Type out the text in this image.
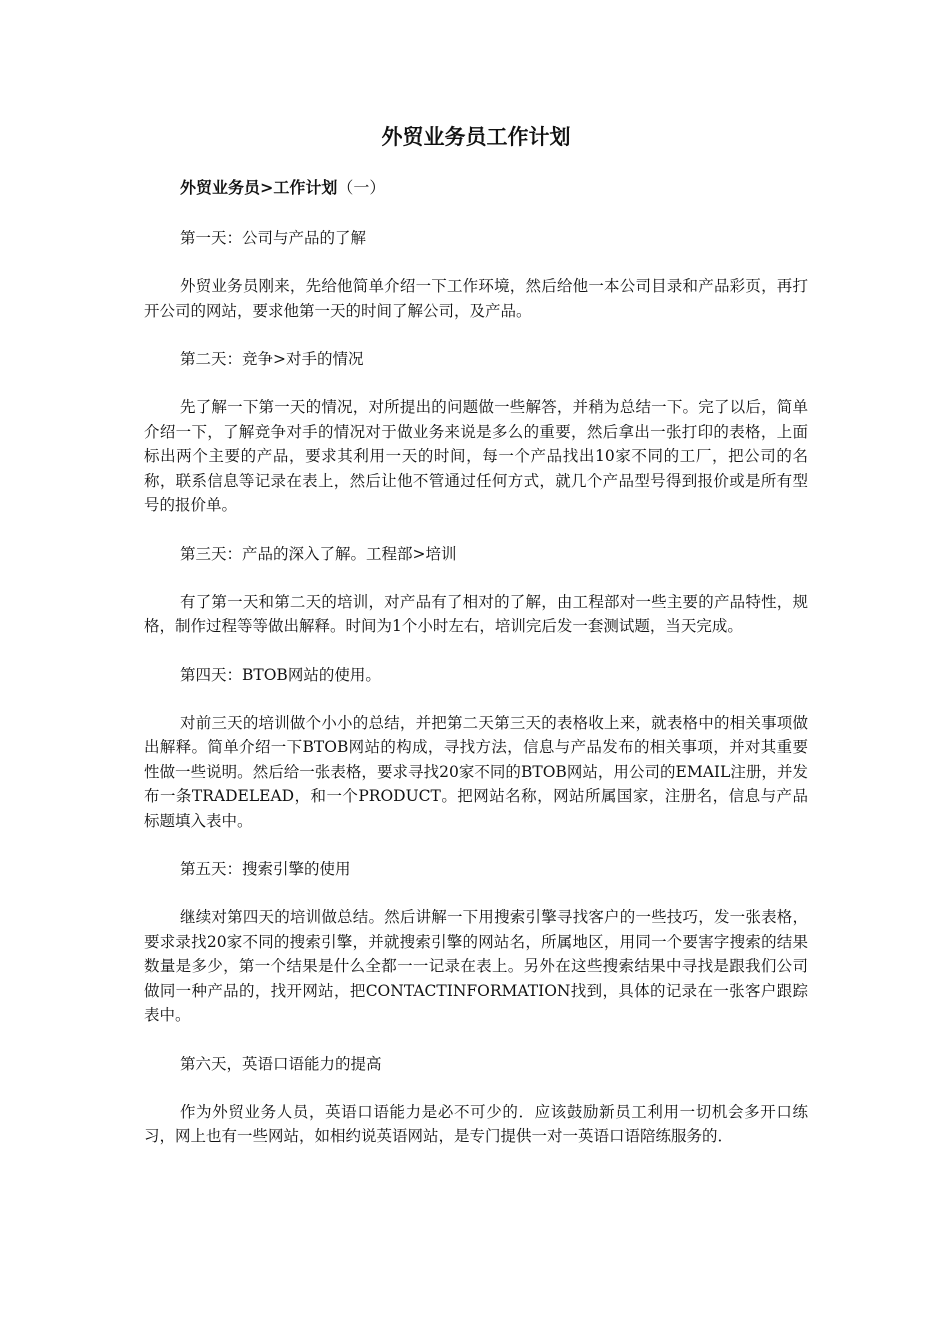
外贸业务员工作计划
外贸业务员>工作计划（一）

第一天：公司与产品的了解

外贸业务员刚来，先给他简单介绍一下工作环境，然后给他一本公司目录和产品彩页，再打开公司的网站，要求他第一天的时间了解公司，及产品。

第二天：竞争>对手的情况

先了解一下第一天的情况，对所提出的问题做一些解答，并稍为总结一下。完了以后，简单介绍一下，了解竞争对手的情况对于做业务来说是多么的重要，然后拿出一张打印的表格，上面标出两个主要的产品，要求其利用一天的时间，每一个产品找出10家不同的工厂，把公司的名称，联系信息等记录在表上，然后让他不管通过任何方式，就几个产品型号得到报价或是所有型号的报价单。

第三天：产品的深入了解。工程部>培训

有了第一天和第二天的培训，对产品有了相对的了解，由工程部对一些主要的产品特性，规格，制作过程等等做出解释。时间为1个小时左右，培训完后发一套测试题，当天完成。

第四天：BTOB网站的使用。

对前三天的培训做个小小的总结，并把第二天第三天的表格收上来，就表格中的相关事项做出解释。简单介绍一下BTOB网站的构成，寻找方法，信息与产品发布的相关事项，并对其重要性做一些说明。然后给一张表格，要求寻找20家不同的BTOB网站，用公司的EMAIL注册，并发布一条TRADELEAD，和一个PRODUCT。把网站名称，网站所属国家，注册名，信息与产品标题填入表中。

第五天：搜索引擎的使用

继续对第四天的培训做总结。然后讲解一下用搜索引擎寻找客户的一些技巧，发一张表格，要求录找20家不同的搜索引擎，并就搜索引擎的网站名，所属地区，用同一个要害字搜索的结果数量是多少，第一个结果是什么全都一一记录在表上。另外在这些搜索结果中寻找是跟我们公司做同一种产品的，找开网站，把CONTACTINFORMATION找到，具体的记录在一张客户跟踪表中。

第六天，英语口语能力的提高

作为外贸业务人员，英语口语能力是必不可少的．应该鼓励新员工利用一切机会多开口练习，网上也有一些网站，如相约说英语网站，是专门提供一对一英语口语陪练服务的．
